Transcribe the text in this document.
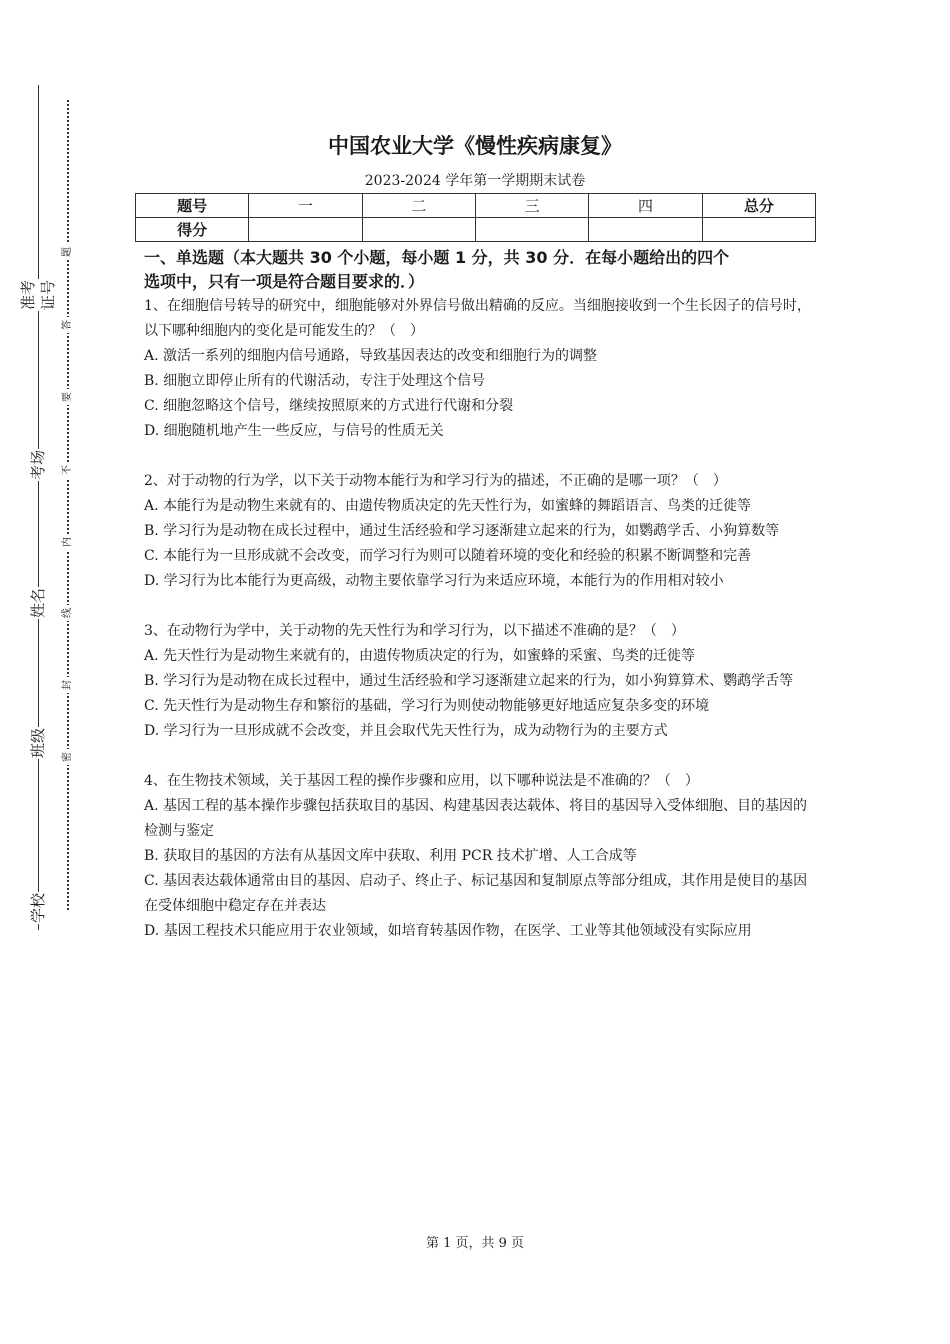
准考证号
考场
姓名
班级
学校
题
答
要
不
内
线
封
密
中国农业大学《慢性疾病康复》
2023-2024 学年第一学期期末试卷
题号	一	二	三	四	总分
得分					

一、单选题（本大题共 30 个小题，每小题 1 分，共 30 分．在每小题给出的四个
选项中，只有一项是符合题目要求的．）

1、在细胞信号转导的研究中，细胞能够对外界信号做出精确的反应。当细胞接收到一个生长因子的信号时，以下哪种细胞内的变化是可能发生的？（　）

A. 激活一系列的细胞内信号通路，导致基因表达的改变和细胞行为的调整

B. 细胞立即停止所有的代谢活动，专注于处理这个信号

C. 细胞忽略这个信号，继续按照原来的方式进行代谢和分裂

D. 细胞随机地产生一些反应，与信号的性质无关

2、对于动物的行为学，以下关于动物本能行为和学习行为的描述，不正确的是哪一项？（　）

A. 本能行为是动物生来就有的、由遗传物质决定的先天性行为，如蜜蜂的舞蹈语言、鸟类的迁徙等

B. 学习行为是动物在成长过程中，通过生活经验和学习逐渐建立起来的行为，如鹦鹉学舌、小狗算数等

C. 本能行为一旦形成就不会改变，而学习行为则可以随着环境的变化和经验的积累不断调整和完善

D. 学习行为比本能行为更高级，动物主要依靠学习行为来适应环境，本能行为的作用相对较小

3、在动物行为学中，关于动物的先天性行为和学习行为，以下描述不准确的是？（　）

A. 先天性行为是动物生来就有的，由遗传物质决定的行为，如蜜蜂的采蜜、鸟类的迁徙等

B. 学习行为是动物在成长过程中，通过生活经验和学习逐渐建立起来的行为，如小狗算算术、鹦鹉学舌等

C. 先天性行为是动物生存和繁衍的基础，学习行为则使动物能够更好地适应复杂多变的环境

D. 学习行为一旦形成就不会改变，并且会取代先天性行为，成为动物行为的主要方式

4、在生物技术领域，关于基因工程的操作步骤和应用，以下哪种说法是不准确的？（　）

A. 基因工程的基本操作步骤包括获取目的基因、构建基因表达载体、将目的基因导入受体细胞、目的基因的检测与鉴定

B. 获取目的基因的方法有从基因文库中获取、利用 PCR 技术扩增、人工合成等

C. 基因表达载体通常由目的基因、启动子、终止子、标记基因和复制原点等部分组成，其作用是使目的基因在受体细胞中稳定存在并表达

D. 基因工程技术只能应用于农业领域，如培育转基因作物，在医学、工业等其他领域没有实际应用

第 1 页，共 9 页
